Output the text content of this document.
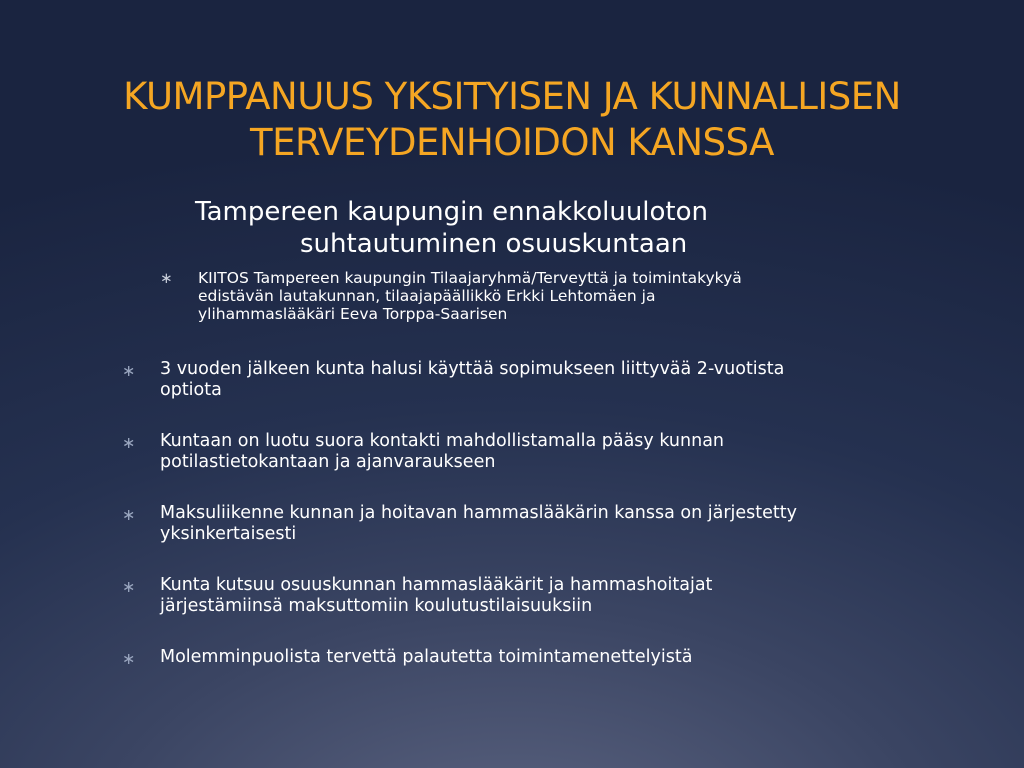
KUMPPANUUS YKSITYISEN JA KUNNALLISEN
TERVEYDENHOIDON KANSSA
Tampereen kaupungin ennakkoluuloton
suhtautuminen osuuskuntaan
∗ KIITOS Tampereen kaupungin Tilaajaryhmä/Terveyttä ja toimintakykyä
edistävän lautakunnan, tilaajapäällikkö Erkki Lehtomäen ja
ylihammaslääkäri Eeva Torppa-Saarisen
∗ 3 vuoden jälkeen kunta halusi käyttää sopimukseen liittyvää 2-vuotista
optiota
∗ Kuntaan on luotu suora kontakti mahdollistamalla pääsy kunnan
potilastietokantaan ja ajanvaraukseen
∗ Maksuliikenne kunnan ja hoitavan hammaslääkärin kanssa on järjestetty
yksinkertaisesti
∗ Kunta kutsuu osuuskunnan hammaslääkärit ja hammashoitajat
järjestämiinsä maksuttomiin koulutustilaisuuksiin
∗ Molemminpuolista tervettä palautetta toimintamenettelyistä
